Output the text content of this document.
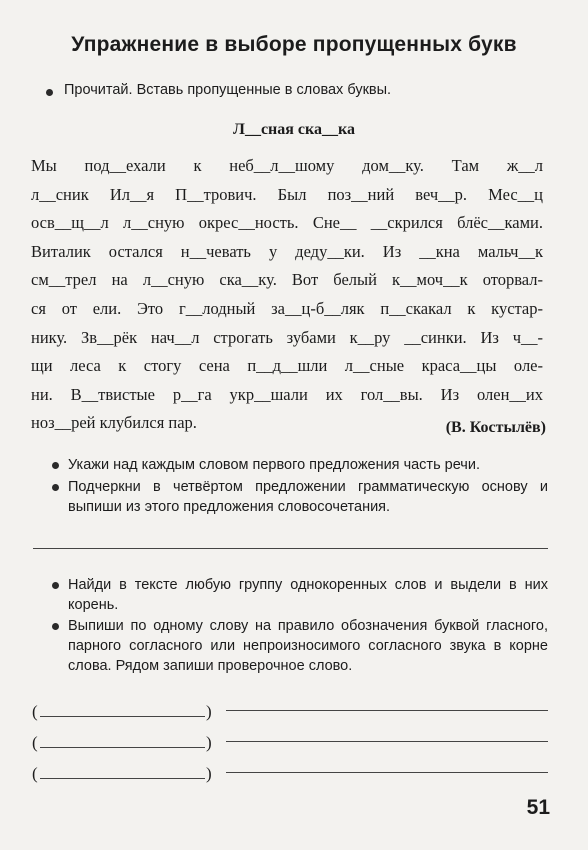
Упражнение в выборе пропущенных букв
Прочитай. Вставь пропущенные в словах буквы.
Л__сная ска__ка
Мы под__ехали к неб__л__шому дом__ку. Там ж__л
л__сник Ил__я П__трович. Был поз__ний веч__р. Мес__ц
осв__щ__л л__сную окрес__ность. Сне__ __скрился блёс__ками.
Виталик остался н__чевать у деду__ки. Из __кна мальч__к
см__трел на л__сную ска__ку. Вот белый к__моч__к оторвал-
ся от ели. Это г__лодный за__ц-б__ляк п__скакал к кустар-
нику. Зв__рёк нач__л строгать зубами к__ру __синки. Из ч__-
щи леса к стогу сена п__д__шли л__сные краса__цы оле-
ни. В__твистые р__га укр__шали их гол__вы. Из олен__их
ноз__рей клубился пар.	(В. Костылёв)
Укажи над каждым словом первого предложения часть речи.
Подчеркни в четвёртом предложении грамматическую основу и выпиши из этого предложения словосочетания.
Найди в тексте любую группу однокоренных слов и выдели в них корень.
Выпиши по одному слову на правило обозначения буквой гласного, парного согласного или непроизносимого согласного звука в корне слова. Рядом запиши проверочное слово.
(	)
(	)
(	)
51
